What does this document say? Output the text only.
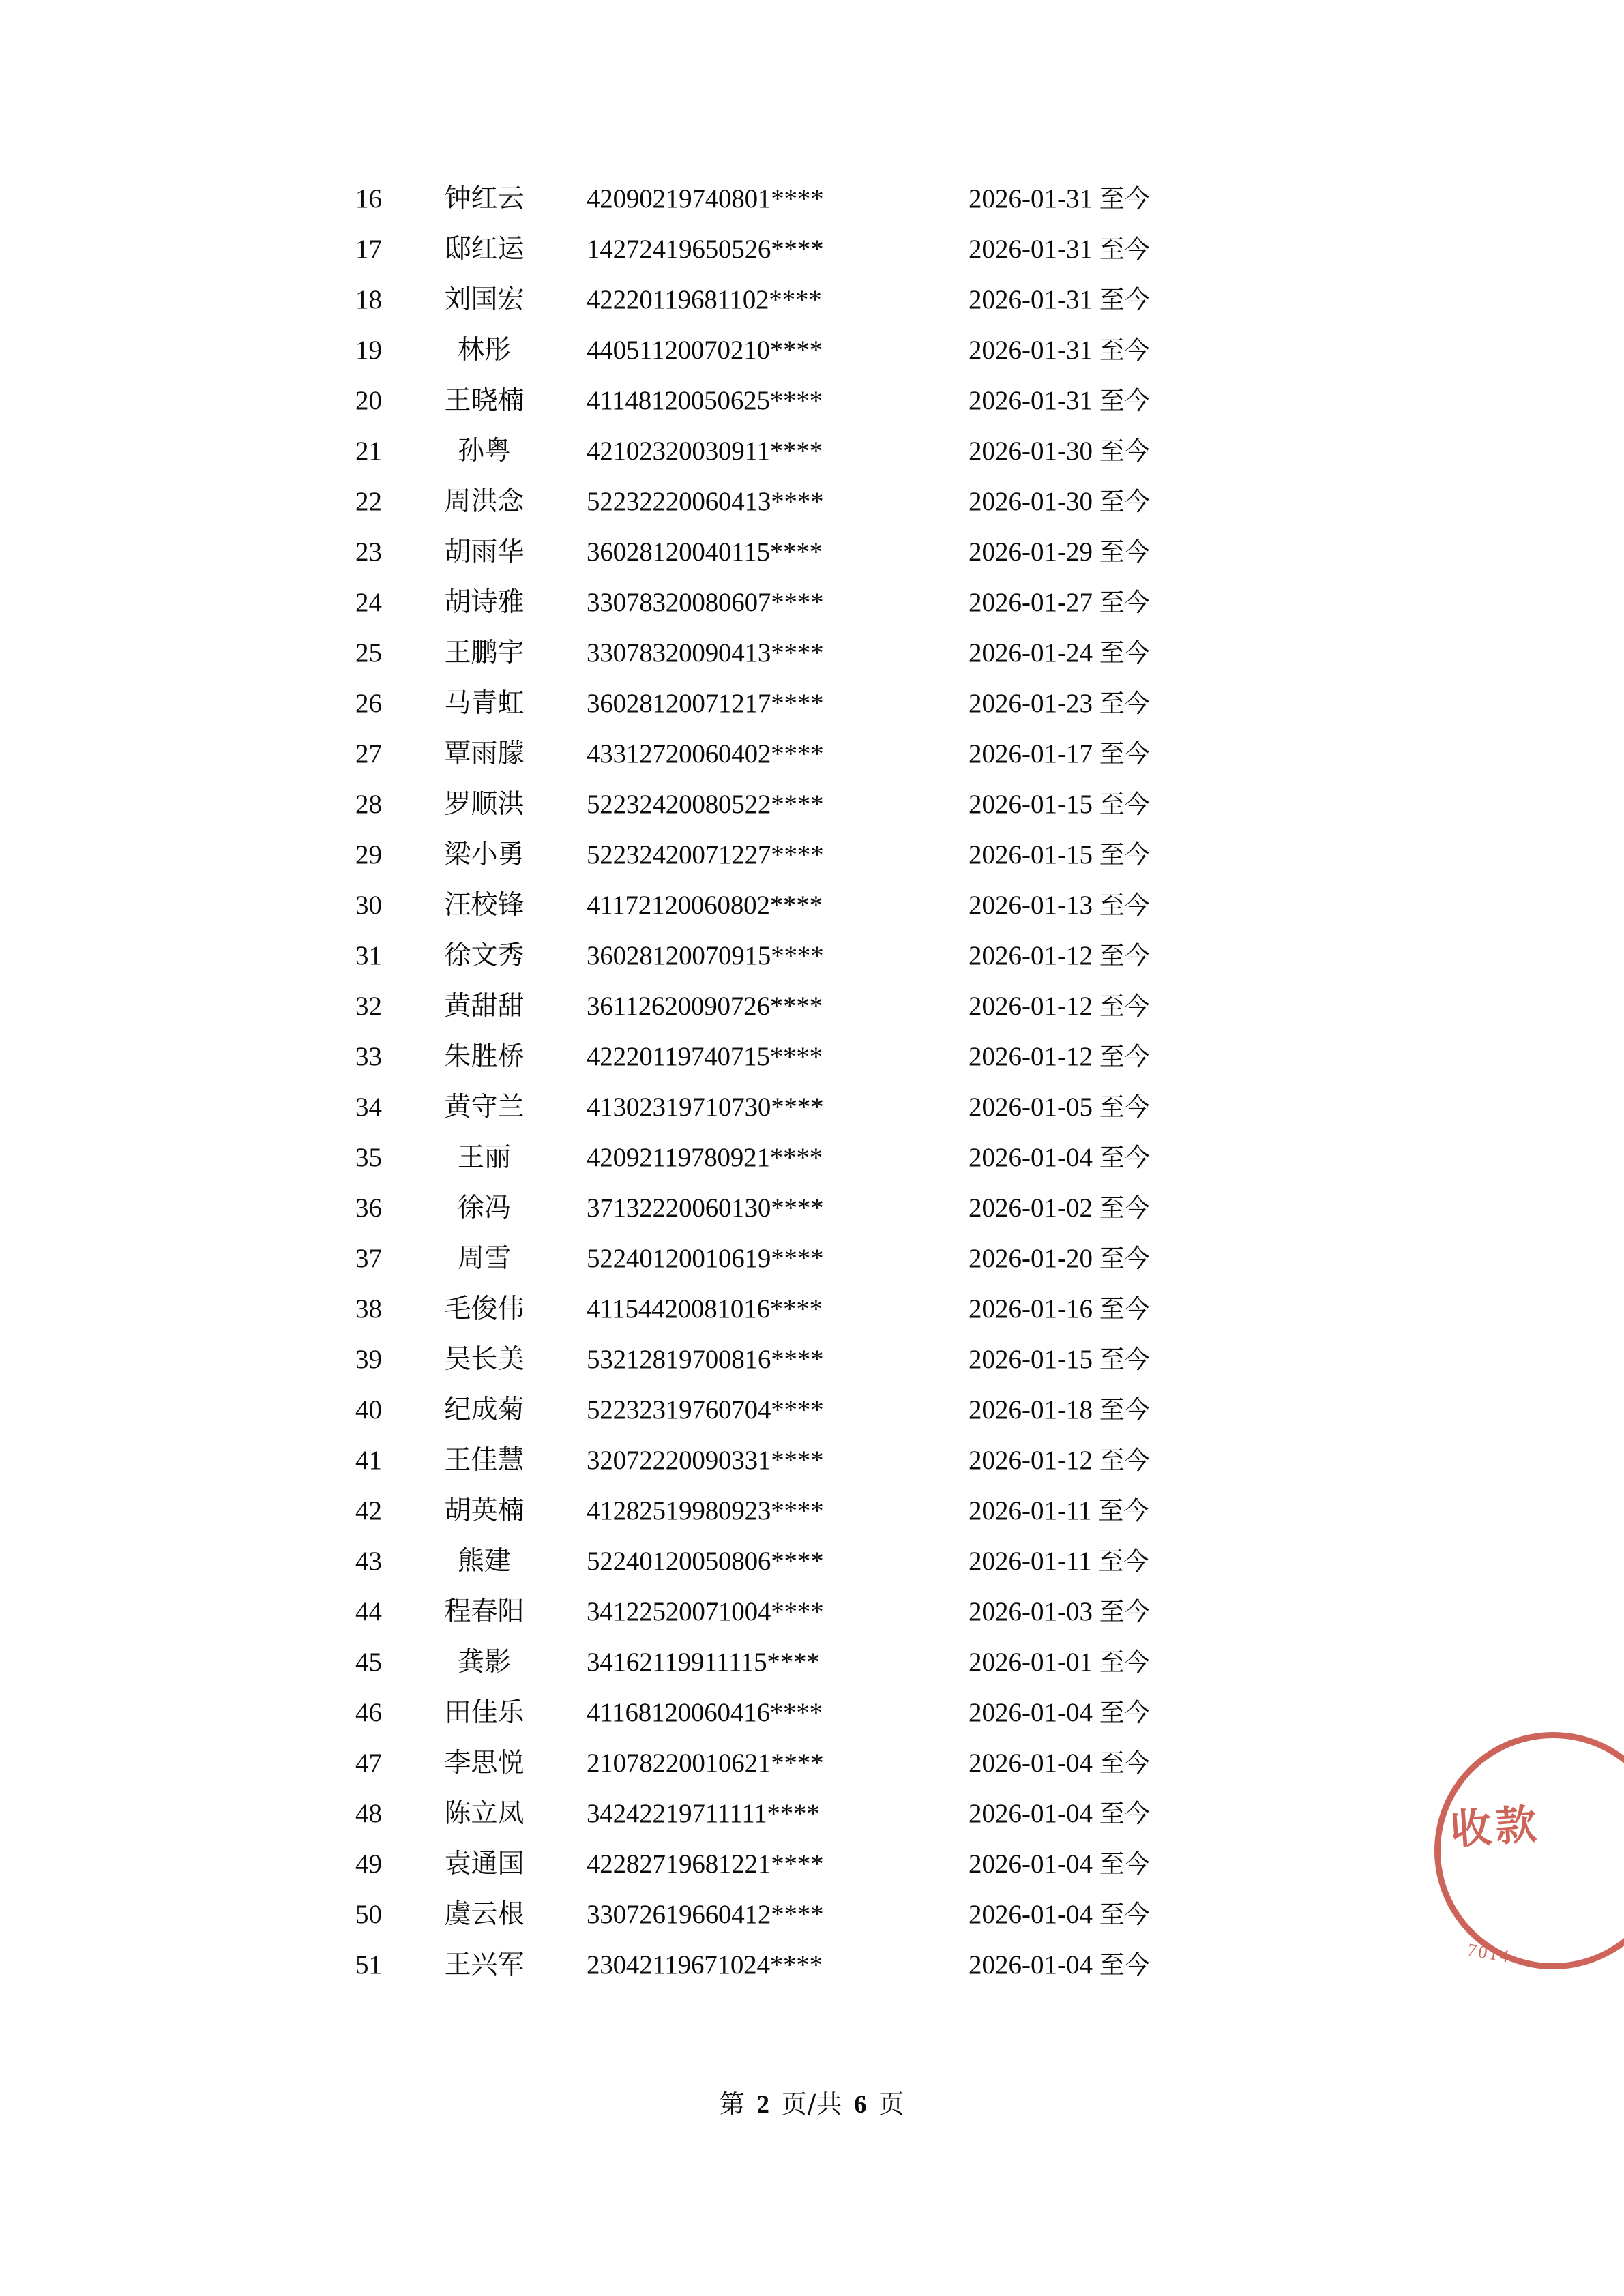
16	钟红云	42090219740801****	2026-01-31 至今
17	邸红运	14272419650526****	2026-01-31 至今
18	刘国宏	42220119681102****	2026-01-31 至今
19	林彤	44051120070210****	2026-01-31 至今
20	王晓楠	41148120050625****	2026-01-31 至今
21	孙粤	42102320030911****	2026-01-30 至今
22	周洪念	52232220060413****	2026-01-30 至今
23	胡雨华	36028120040115****	2026-01-29 至今
24	胡诗雅	33078320080607****	2026-01-27 至今
25	王鹏宇	33078320090413****	2026-01-24 至今
26	马青虹	36028120071217****	2026-01-23 至今
27	覃雨朦	43312720060402****	2026-01-17 至今
28	罗顺洪	52232420080522****	2026-01-15 至今
29	梁小勇	52232420071227****	2026-01-15 至今
30	汪校锋	41172120060802****	2026-01-13 至今
31	徐文秀	36028120070915****	2026-01-12 至今
32	黄甜甜	36112620090726****	2026-01-12 至今
33	朱胜桥	42220119740715****	2026-01-12 至今
34	黄守兰	41302319710730****	2026-01-05 至今
35	王丽	42092119780921****	2026-01-04 至今
36	徐冯	37132220060130****	2026-01-02 至今
37	周雪	52240120010619****	2026-01-20 至今
38	毛俊伟	41154420081016****	2026-01-16 至今
39	吴长美	53212819700816****	2026-01-15 至今
40	纪成菊	52232319760704****	2026-01-18 至今
41	王佳慧	32072220090331****	2026-01-12 至今
42	胡英楠	41282519980923****	2026-01-11 至今
43	熊建	52240120050806****	2026-01-11 至今
44	程春阳	34122520071004****	2026-01-03 至今
45	龚影	34162119911115****	2026-01-01 至今
46	田佳乐	41168120060416****	2026-01-04 至今
47	李思悦	21078220010621****	2026-01-04 至今
48	陈立凤	34242219711111****	2026-01-04 至今
49	袁通国	42282719681221****	2026-01-04 至今
50	虞云根	33072619660412****	2026-01-04 至今
51	王兴军	23042119671024****	2026-01-04 至今
第 2 页/共 6 页
收款
7014
